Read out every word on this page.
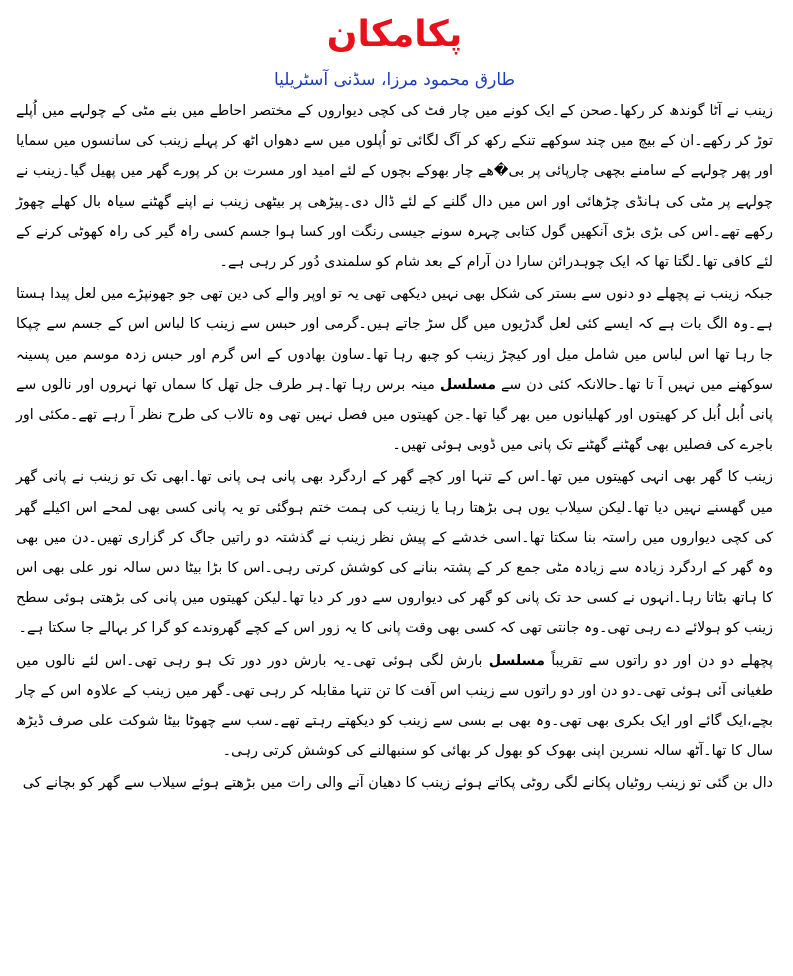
پکامکان
طارق محمود مرزا، سڈنی آسٹریلیا

زینب نے آٹا گوندھ کر رکھا۔صحن کے ایک کونے میں چار فٹ کی کچی دیواروں کے مختصر احاطے میں بنے مٹی کے چولہے میں اُپلے توڑ کر رکھے۔ان کے بیچ میں چند سوکھے تنکے رکھ کر آگ لگائی تو اُپلوں میں سے دھواں اٹھ کر پہلے زینب کی سانسوں میں سمایا اور پھر چولہے کے سامنے بچھی چارپائی پر بی�ھے چار بھوکے بچوں کے لئے امید اور مسرت بن کر پورے گھر میں پھیل گیا۔زینب نے چولہے پر مٹی کی ہانڈی چڑھائی اور اس میں دال گلنے کے لئے ڈال دی۔پیڑھی پر بیٹھی زینب نے اپنے گھٹنے سیاہ بال کھلے چھوڑ رکھے تھے۔اس کی بڑی بڑی آنکھیں گول کتابی چہرہ سونے جیسی رنگت اور کسا ہوا جسم کسی راہ گیر کی راہ کھوٹی کرنے کے لئے کافی تھا۔لگتا تھا کہ ایک چوہدرائن سارا دن آرام کے بعد شام کو سلمندی دُور کر رہی ہے۔

جبکہ زینب نے پچھلے دو دنوں سے بستر کی شکل بھی نہیں دیکھی تھی یہ تو اوپر والے کی دین تھی جو جھونپڑے میں لعل پیدا ہستا ہے۔وہ الگ بات ہے کہ ایسے کئی لعل گدڑیوں میں گل سڑ جاتے ہیں۔گرمی اور حبس سے زینب کا لباس اس کے جسم سے چپکا جا رہا تھا اس لباس میں شامل میل اور کیچڑ زینب کو چبھ رہا تھا۔ساون بھادوں کے اس گرم اور حبس زدہ موسم میں پسینہ سوکھنے میں نہیں آ تا تھا۔حالانکہ کئی دن سے مسلسل مینہ برس رہا تھا۔ہر طرف جل تھل کا سماں تھا نہروں اور نالوں سے پانی اُبل اُبل کر کھیتوں اور کھلیانوں میں بھر گیا تھا۔جن کھیتوں میں فصل نہیں تھی وہ تالاب کی طرح نظر آ رہے تھے۔مکئی اور باجرے کی فصلیں بھی گھٹنے گھٹنے تک پانی میں ڈوبی ہوئی تھیں۔

زینب کا گھر بھی انہی کھیتوں میں تھا۔اس کے تنہا اور کچے گھر کے اردگرد بھی پانی ہی پانی تھا۔ابھی تک تو زینب نے پانی گھر میں گھسنے نہیں دیا تھا۔لیکن سیلاب یوں ہی بڑھتا رہا یا زینب کی ہمت ختم ہوگئی تو یہ پانی کسی بھی لمحے اس اکیلے گھر کی کچی دیواروں میں راستہ بنا سکتا تھا۔اسی خدشے کے پیش نظر زینب نے گذشتہ دو راتیں جاگ کر گزاری تھیں۔دن میں بھی وہ گھر کے اردگرد زیادہ سے زیادہ مٹی جمع کر کے پشتہ بنانے کی کوشش کرتی رہی۔اس کا بڑا بیٹا دس سالہ نور علی بھی اس کا ہاتھ بٹاتا رہا۔انہوں نے کسی حد تک پانی کو گھر کی دیواروں سے دور کر دیا تھا۔لیکن کھیتوں میں پانی کی بڑھتی ہوئی سطح زینب کو ہولائے دے رہی تھی۔وہ جانتی تھی کہ کسی بھی وقت پانی کا یہ زور اس کے کچے گھروندے کو گرا کر بہالے جا سکتا ہے۔

پچھلے دو دن اور دو راتوں سے تقریباً مسلسل بارش لگی ہوئی تھی۔یہ بارش دور دور تک ہو رہی تھی۔اس لئے نالوں میں طغیانی آئی ہوئی تھی۔دو دن اور دو راتوں سے زینب اس آفت کا تن تنہا مقابلہ کر رہی تھی۔گھر میں زینب کے علاوہ اس کے چار بچے،ایک گائے اور ایک بکری بھی تھی۔وہ بھی بے بسی سے زینب کو دیکھتے رہتے تھے۔سب سے چھوٹا بیٹا شوکت علی صرف ڈیڑھ سال کا تھا۔آٹھ سالہ نسرین اپنی بھوک کو بھول کر بھائی کو سنبھالنے کی کوشش کرتی رہی۔

دال بن گئی تو زینب روٹیاں پکانے لگی روٹی پکاتے ہوئے زینب کا دھیان آنے والی رات میں بڑھتے ہوئے سیلاب سے گھر کو بچانے کی
